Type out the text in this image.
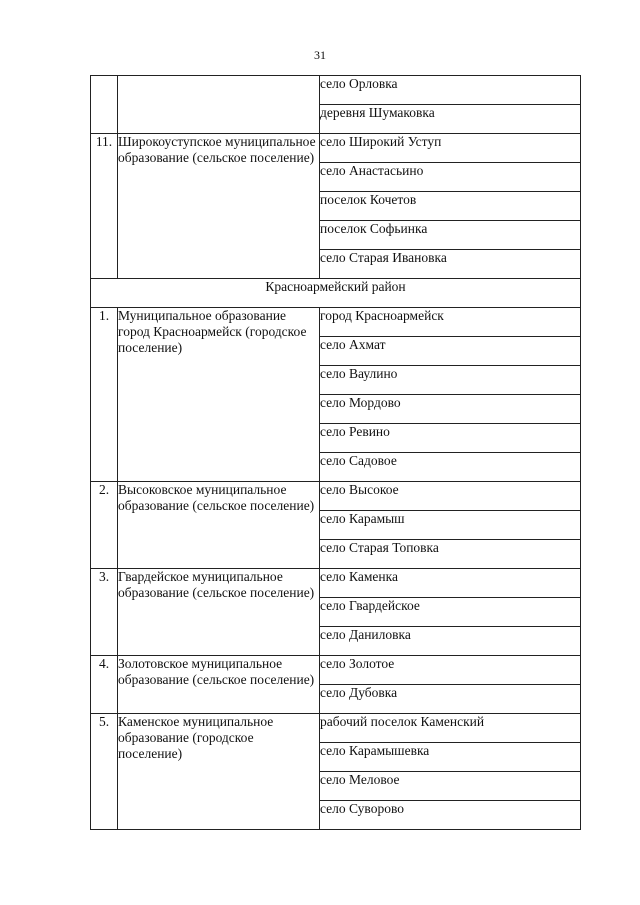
31
		село Орловка
		деревня Шумаковка
11.	Широкоуступское муниципальное образование (сельское поселение)	село Широкий Уступ
		село Анастасьино
		поселок Кочетов
		поселок Софьинка
		село Старая Ивановка
Красноармейский район		
1.	Муниципальное образование город Красноармейск (городское поселение)	город Красноармейск
		село Ахмат
		село Ваулино
		село Мордово
		село Ревино
		село Садовое
2.	Высоковское муниципальное образование (сельское поселение)	село Высокое
		село Карамыш
		село Старая Топовка
3.	Гвардейское муниципальное образование (сельское поселение)	село Каменка
		село Гвардейское
		село Даниловка
4.	Золотовское муниципальное образование (сельское поселение)	село Золотое
		село Дубовка
5.	Каменское муниципальное образование (городское поселение)	рабочий поселок Каменский
		село Карамышевка
		село Меловое
		село Суворово
